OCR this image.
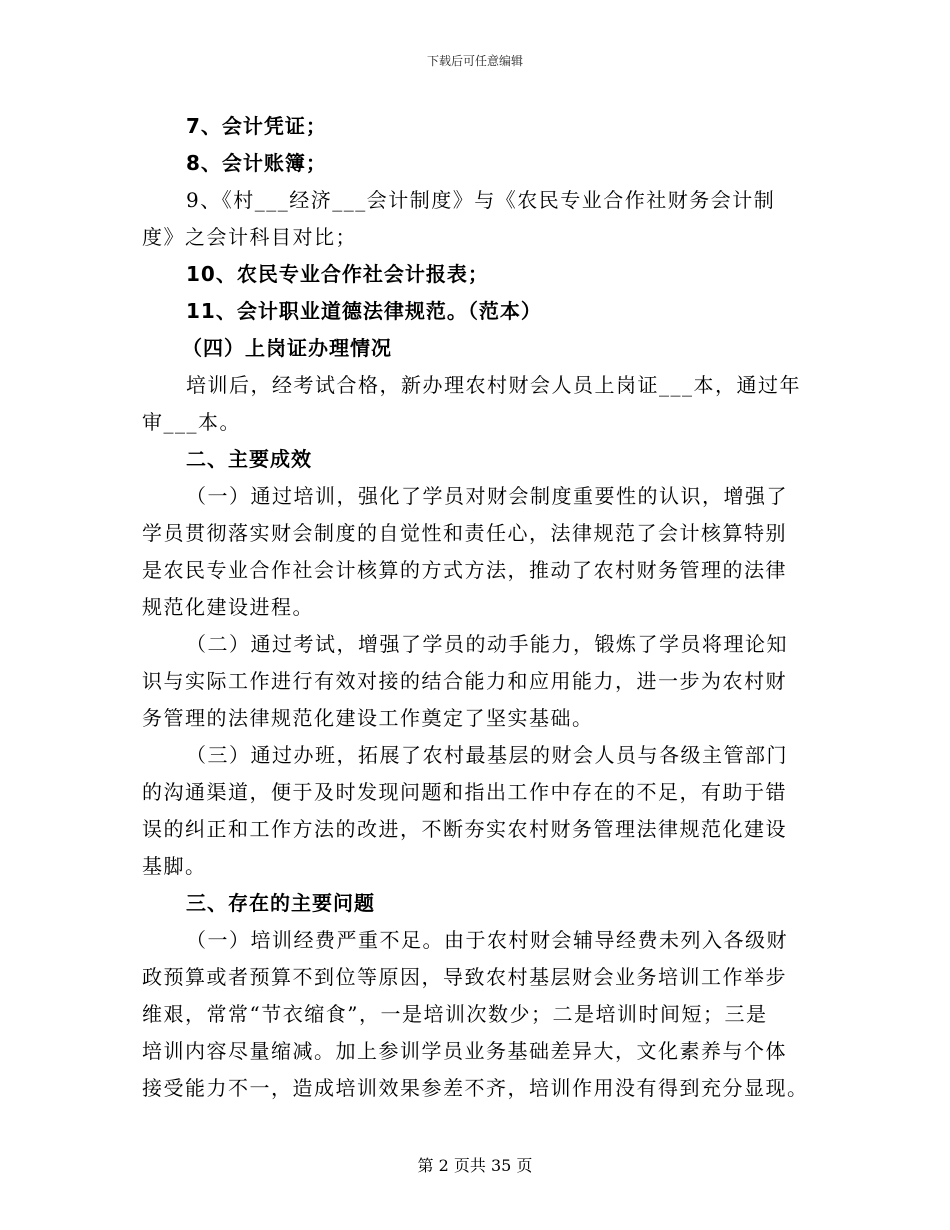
下载后可任意编辑
7、会计凭证；
8、会计账簿；
9、《村___经济___会计制度》与《农民专业合作社财务会计制
度》之会计科目对比；
10、农民专业合作社会计报表；
11、会计职业道德法律规范。（范本）
（四）上岗证办理情况
培训后，经考试合格，新办理农村财会人员上岗证___本，通过年
审___本。
二、主要成效
（一）通过培训，强化了学员对财会制度重要性的认识，增强了
学员贯彻落实财会制度的自觉性和责任心，法律规范了会计核算特别
是农民专业合作社会计核算的方式方法，推动了农村财务管理的法律
规范化建设进程。
（二）通过考试，增强了学员的动手能力，锻炼了学员将理论知
识与实际工作进行有效对接的结合能力和应用能力，进一步为农村财
务管理的法律规范化建设工作奠定了坚实基础。
（三）通过办班，拓展了农村最基层的财会人员与各级主管部门
的沟通渠道，便于及时发现问题和指出工作中存在的不足，有助于错
误的纠正和工作方法的改进，不断夯实农村财务管理法律规范化建设
基脚。
三、存在的主要问题
（一）培训经费严重不足。由于农村财会辅导经费未列入各级财
政预算或者预算不到位等原因，导致农村基层财会业务培训工作举步
维艰，常常“节衣缩食”，一是培训次数少；二是培训时间短；三是
培训内容尽量缩减。加上参训学员业务基础差异大，文化素养与个体
接受能力不一，造成培训效果参差不齐，培训作用没有得到充分显现。
第 2 页共 35 页
